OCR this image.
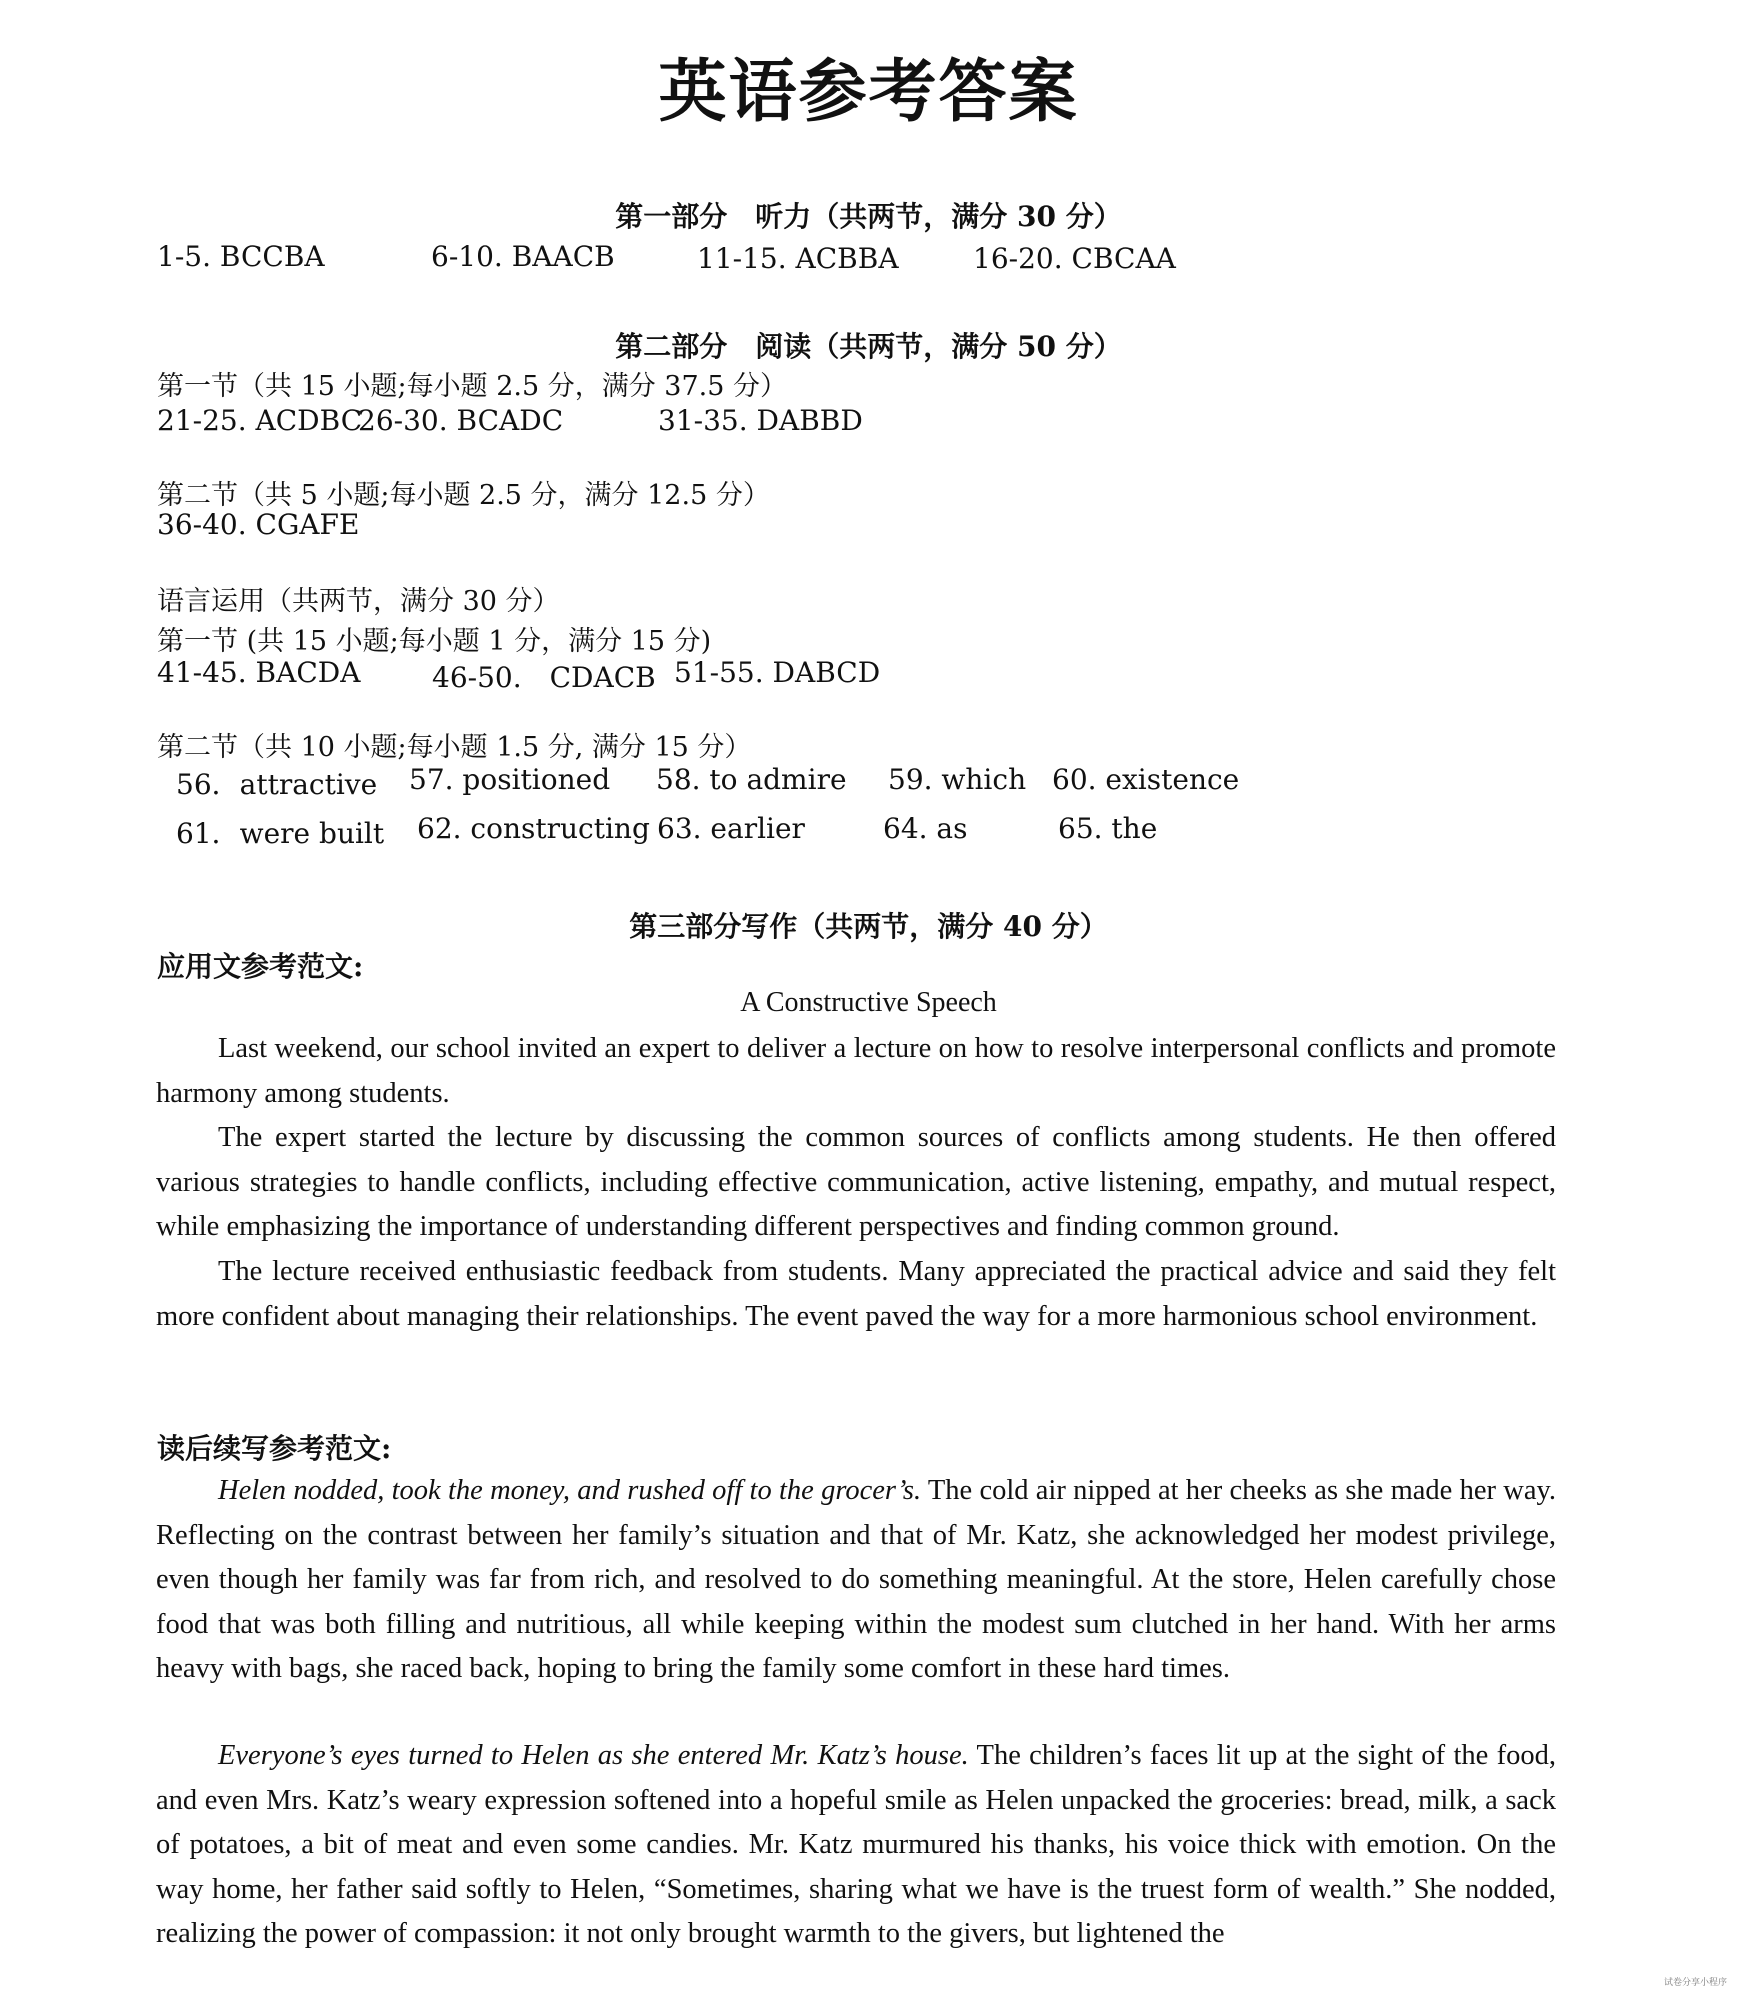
英语参考答案
第一部分　听力（共两节，满分 30 分）
1-5. BCCBA	6-10. BAACB	11-15. ACBBA	16-20. CBCAA
第二部分　阅读（共两节，满分 50 分）
第一节（共 15 小题;每小题 2.5 分，满分 37.5 分）
21-25. ACDBC
26-30. BCADC	31-35. DABBD
第二节（共 5 小题;每小题 2.5 分，满分 12.5 分）
36-40. CGAFE
语言运用（共两节，满分 30 分）
第一节 (共 15 小题;每小题 1 分，满分 15 分)
41-45. BACDA	46-50.　CDACB 51-55. DABCD
第二节（共 10 小题;每小题 1.5 分, 满分 15 分）
56．attractive 57. positioned 58. to admire 59. which 60. existence
61．were built 62. constructing 63. earlier	64. as	65. the
第三部分写作（共两节，满分 40 分）
应用文参考范文:
A Constructive Speech

Last weekend, our school invited an expert to deliver a lecture on how to resolve interpersonal conflicts and promote harmony among students.

The expert started the lecture by discussing the common sources of conflicts among students. He then offered various strategies to handle conflicts, including effective communication, active listening, empathy, and mutual respect, while emphasizing the importance of understanding different perspectives and finding common ground.

The lecture received enthusiastic feedback from students. Many appreciated the practical advice and said they felt more confident about managing their relationships. The event paved the way for a more harmonious school environment.

读后续写参考范文:

Helen nodded, took the money, and rushed off to the grocer’s. The cold air nipped at her cheeks as she made her way. Reflecting on the contrast between her family’s situation and that of Mr. Katz, she acknowledged her modest privilege, even though her family was far from rich, and resolved to do something meaningful. At the store, Helen carefully chose food that was both filling and nutritious, all while keeping within the modest sum clutched in her hand. With her arms heavy with bags, she raced back, hoping to bring the family some comfort in these hard times.

Everyone’s eyes turned to Helen as she entered Mr. Katz’s house. The children’s faces lit up at the sight of the food, and even Mrs. Katz’s weary expression softened into a hopeful smile as Helen unpacked the groceries: bread, milk, a sack of potatoes, a bit of meat and even some candies. Mr. Katz murmured his thanks, his voice thick with emotion. On the way home, her father said softly to Helen, “Sometimes, sharing what we have is the truest form of wealth.” She nodded, realizing the power of compassion: it not only brought warmth to the givers, but lightened the

试卷分享小程序
